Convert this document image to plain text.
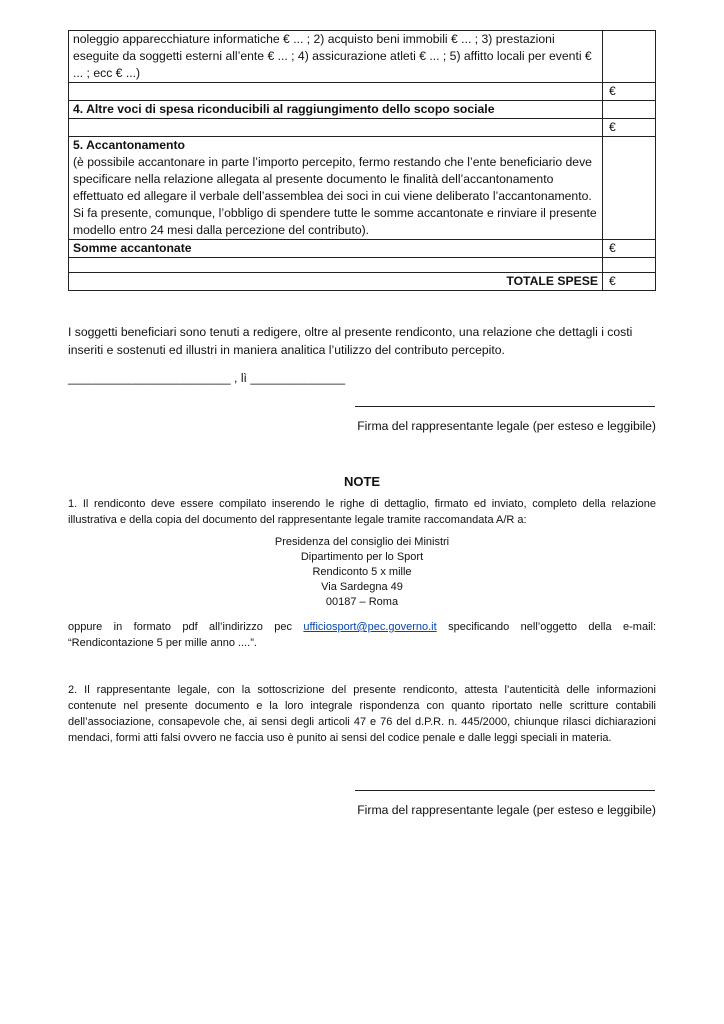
noleggio apparecchiature informatiche € ... ; 2) acquisto beni immobili € ... ; 3) prestazioni eseguite da soggetti esterni all’ente € ... ; 4) assicurazione atleti € ... ; 5) affitto locali per eventi € ... ; ecc € ...)	
	€
4. Altre voci di spesa riconducibili al raggiungimento dello scopo sociale	
	€

5. Accantonamento
(è possibile accantonare in parte l’importo percepito, fermo restando che l’ente beneficiario deve specificare nella relazione allegata al presente documento le finalità dell’accantonamento effettuato ed allegare il verbale dell’assemblea dei soci in cui viene deliberato l’accantonamento. Si fa presente, comunque, l’obbligo di spendere tutte le somme accantonate e rinviare il presente modello entro 24 mesi dalla percezione del contributo).	

Somme accantonate	€

TOTALE SPESE	€
I soggetti beneficiari sono tenuti a redigere, oltre al presente rendiconto, una relazione che dettagli i costi inseriti e sostenuti ed illustri in maniera analitica l’utilizzo del contributo percepito.
________________________ , lì ______________
Firma del rappresentante legale (per esteso e leggibile)
NOTE
1. Il rendiconto deve essere compilato inserendo le righe di dettaglio, firmato ed inviato, completo della relazione illustrativa e della copia del documento del rappresentante legale tramite raccomandata A/R a:
Presidenza del consiglio dei Ministri
Dipartimento per lo Sport
Rendiconto 5 x mille
Via Sardegna 49
00187 – Roma
oppure in formato pdf all’indirizzo pec ufficiosport@pec.governo.it specificando nell’oggetto della e-mail: “Rendicontazione 5 per mille anno ....”.
2. Il rappresentante legale, con la sottoscrizione del presente rendiconto, attesta l’autenticità delle informazioni contenute nel presente documento e la loro integrale rispondenza con quanto riportato nelle scritture contabili dell’associazione, consapevole che, ai sensi degli articoli 47 e 76 del d.P.R. n. 445/2000, chiunque rilasci dichiarazioni mendaci, formi atti falsi ovvero ne faccia uso è punito ai sensi del codice penale e dalle leggi speciali in materia.
Firma del rappresentante legale (per esteso e leggibile)
